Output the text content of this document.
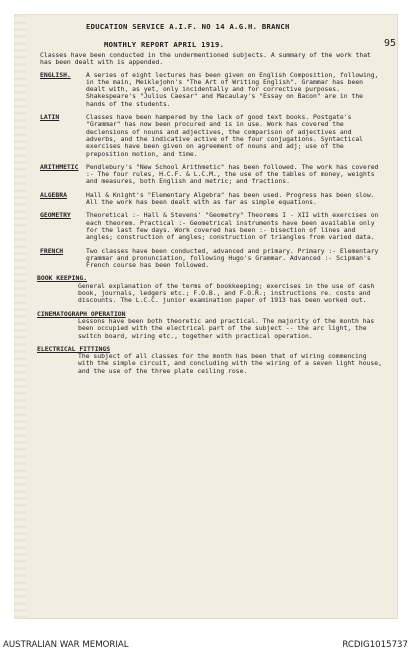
95
EDUCATION SERVICE A.I.F. NO 14 A.G.H. BRANCH
MONTHLY REPORT APRIL 1919.

Classes have been conducted in the undermentioned subjects. A summary of the work that has been dealt with is appended.

ENGLISH.	A series of eight lectures has been given on English Composition, following, in the main, Meiklejohn's "The Art of Writing English". Grammar has been dealt with, as yet, only incidentally and for corrective purposes. Shakespeare's "Julius Caesar" and Macaulay's "Essay on Bacon" are in the hands of the students.

LATIN	Classes have been hampered by the lack of good text books. Postgate's "Grammar" has now been procured and is in use. Work has covered the declensions of nouns and adjectives, the comparison of adjectives and adverbs, and the indicative active of the four conjugations. Syntactical exercises have been given on agreement of nouns and adj; use of the preposition motion, and time.

ARITHMETIC	Pendlebury's "New School Arithmetic" has been followed. The work has covered :- The four rules, H.C.F. & L.C.M., the use of the tables of money, weights and measures, both English and metric; and fractions.

ALGEBRA	Hall & Knight's "Elementary Algebra" has been used. Progress has been slow. All the work has been dealt with as far as simple equations.

GEOMETRY	Theoretical :- Hall & Stevens' "Geometry" Theorems I - XII with exercises on each theorem. Practical :- Geometrical instruments have been available only for the last few days. Work covered has been :- bisection of lines and angles; construction of angles; construction of triangles from varied data.

FRENCH	Two classes have been conducted, advanced and primary. Primary :- Elementary grammar and pronunciation, following Hugo's Grammar. Advanced :- Scipman's French course has been followed.

BOOK KEEPING.

General explanation of the terms of bookkeeping; exercises in the use of cash book, journals, ledgers etc.; F.O.B., and F.O.R.; instructions re. costs and discounts. The L.C.C. junior examination paper of 1913 has been worked out.

CINEMATOGRAPH OPERATION

Lessons have been both theoretic and practical. The majority of the month has been occupied with the electrical part of the subject -- the arc light, the switch board, wiring etc., together with practical operation.

ELECTRICAL FITTINGS

The subject of all classes for the month has been that of wiring commencing with the simple circuit, and concluding with the wiring of a seven light house, and the use of the three plate ceiling rose.

AUSTRALIAN WAR MEMORIAL	RCDIG1015737
